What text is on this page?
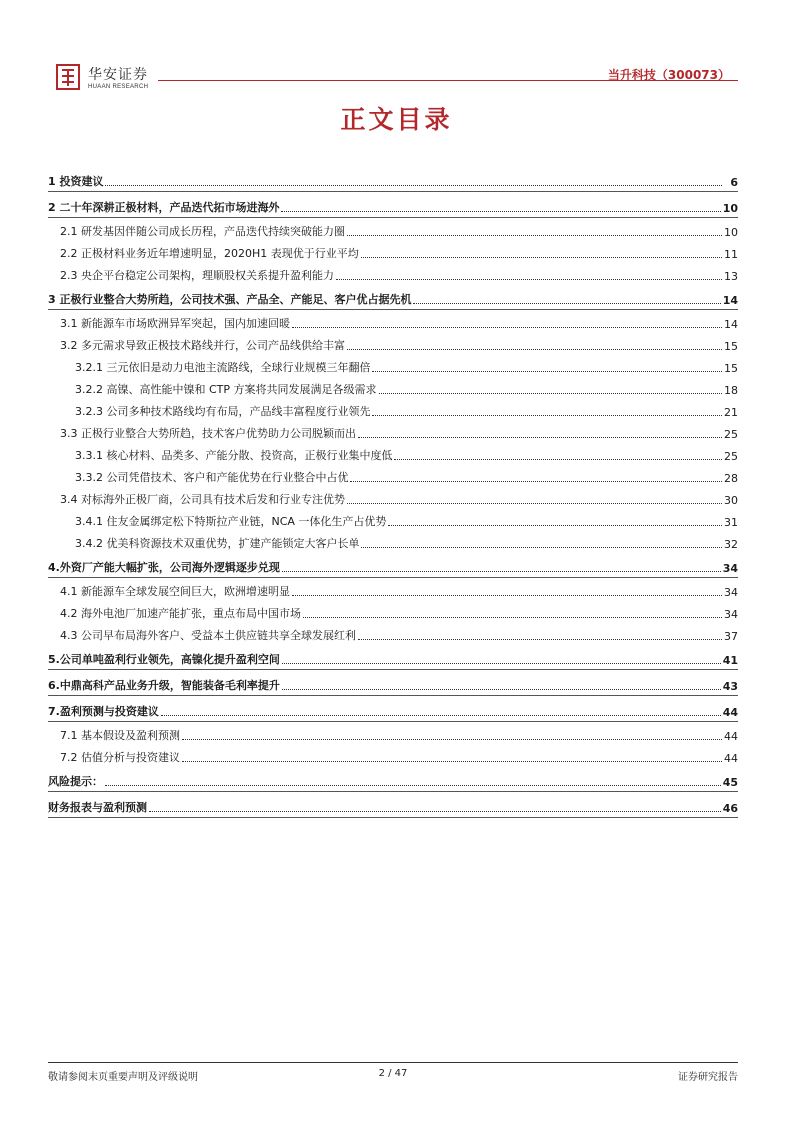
华安证券
HUAAN RESEARCH
当升科技（300073）
正文目录
1 投资建议	6
2 二十年深耕正极材料，产品迭代拓市场进海外	10
2.1 研发基因伴随公司成长历程，产品迭代持续突破能力圈	10
2.2 正极材料业务近年增速明显，2020H1 表现优于行业平均	11
2.3 央企平台稳定公司架构，理顺股权关系提升盈利能力	13
3 正极行业整合大势所趋，公司技术强、产品全、产能足、客户优占据先机	14
3.1 新能源车市场欧洲异军突起，国内加速回暖	14
3.2 多元需求导致正极技术路线并行，公司产品线供给丰富	15
3.2.1 三元依旧是动力电池主流路线，全球行业规模三年翻倍	15
3.2.2 高镍、高性能中镍和 CTP 方案将共同发展满足各级需求	18
3.2.3 公司多种技术路线均有布局，产品线丰富程度行业领先	21
3.3 正极行业整合大势所趋，技术客户优势助力公司脱颖而出	25
3.3.1 核心材料、品类多、产能分散、投资高，正极行业集中度低	25
3.3.2 公司凭借技术、客户和产能优势在行业整合中占优	28
3.4 对标海外正极厂商，公司具有技术后发和行业专注优势	30
3.4.1 住友金属绑定松下特斯拉产业链，NCA 一体化生产占优势	31
3.4.2 优美科资源技术双重优势，扩建产能锁定大客户长单	32
4.外资厂产能大幅扩张，公司海外逻辑逐步兑现	34
4.1 新能源车全球发展空间巨大，欧洲增速明显	34
4.2 海外电池厂加速产能扩张，重点布局中国市场	34
4.3 公司早布局海外客户、受益本土供应链共享全球发展红利	37
5.公司单吨盈利行业领先，高镍化提升盈利空间	41
6.中鼎高科产品业务升级，智能装备毛利率提升	43
7.盈利预测与投资建议	44
7.1 基本假设及盈利预测	44
7.2 估值分析与投资建议	44
风险提示：	45
财务报表与盈利预测	46
敬请参阅末页重要声明及评级说明	2 / 47	证券研究报告
